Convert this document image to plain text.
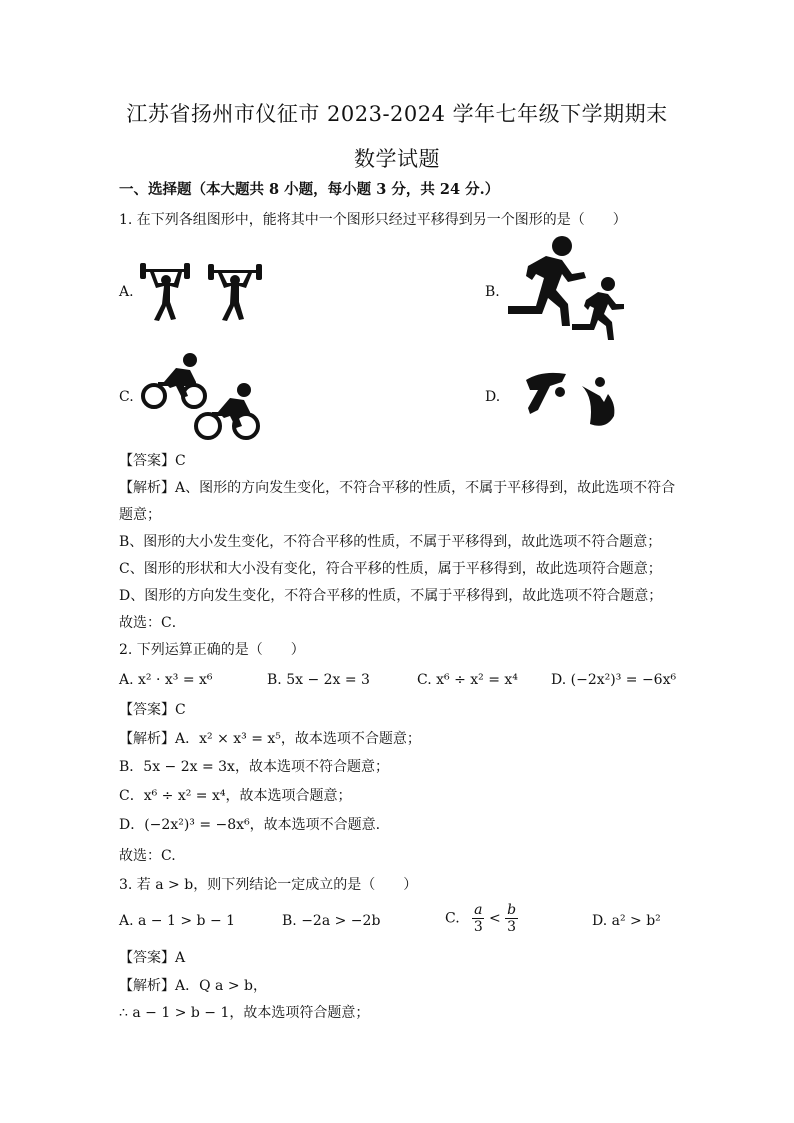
江苏省扬州市仪征市 2023-2024 学年七年级下学期期末
数学试题
一、选择题（本大题共 8 小题，每小题 3 分，共 24 分.）
1. 在下列各组图形中，能将其中一个图形只经过平移得到另一个图形的是（　　）
A.	B.
C.	D.
【答案】C
【解析】A、图形的方向发生变化，不符合平移的性质，不属于平移得到，故此选项不符合
题意；
B、图形的大小发生变化，不符合平移的性质，不属于平移得到，故此选项不符合题意；
C、图形的形状和大小没有变化，符合平移的性质，属于平移得到，故此选项符合题意；
D、图形的方向发生变化，不符合平移的性质，不属于平移得到，故此选项不符合题意；
故选：C．
2. 下列运算正确的是（　　）
A. x² · x³ = x⁶	B. 5x − 2x = 3	C. x⁶ ÷ x² = x⁴ D. (−2x²)³ = −6x⁶
【答案】C
【解析】A．x² × x³ = x⁵，故本选项不合题意；
B．5x − 2x = 3x，故本选项不符合题意；
C．x⁶ ÷ x² = x⁴，故本选项合题意；
D．(−2x²)³ = −8x⁶，故本选项不合题意.
故选：C.
3. 若 a > b，则下列结论一定成立的是（　　）
A. a − 1 > b − 1	B. −2a > −2b	C. $\frac{a}{3} < \frac{b}{3}$	D. a² > b²
【答案】A
【解析】A．Q a > b，
∴ a − 1 > b − 1，故本选项符合题意；
